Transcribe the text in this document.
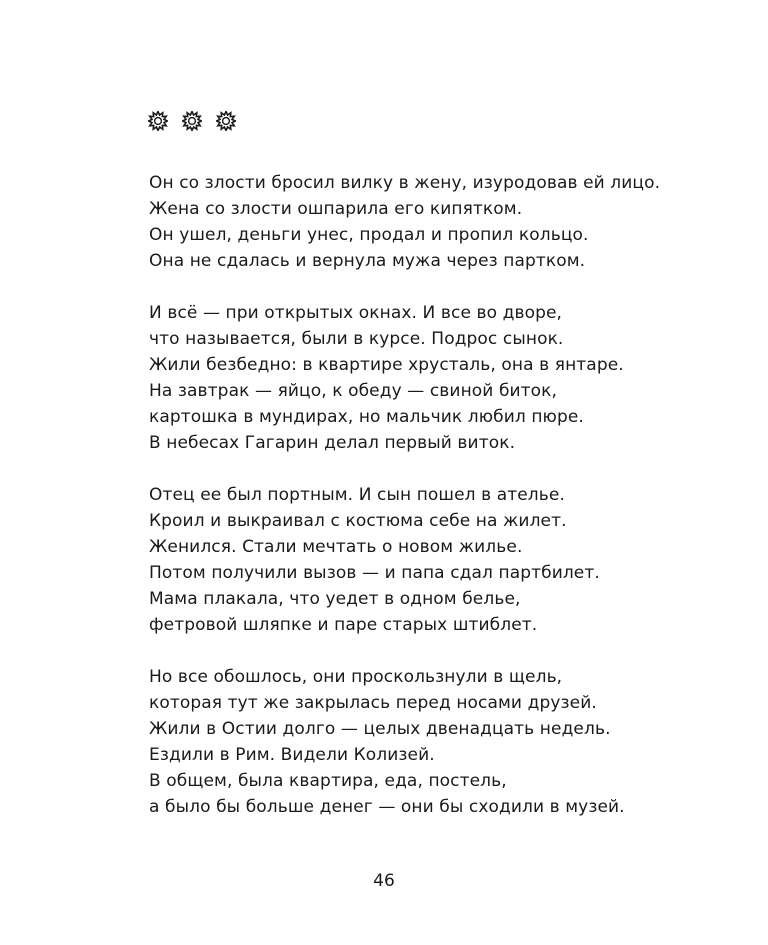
Он со злости бросил вилку в жену, изуродовав ей лицо.
Жена со злости ошпарила его кипятком.
Он ушел, деньги унес, продал и пропил кольцо.
Она не сдалась и вернула мужа через партком.
И всё — при открытых окнах. И все во дворе,
что называется, были в курсе. Подрос сынок.
Жили безбедно: в квартире хрусталь, она в янтаре.
На завтрак — яйцо, к обеду — свиной биток,
картошка в мундирах, но мальчик любил пюре.
В небесах Гагарин делал первый виток.
Отец ее был портным. И сын пошел в ателье.
Кроил и выкраивал с костюма себе на жилет.
Женился. Стали мечтать о новом жилье.
Потом получили вызов — и папа сдал партбилет.
Мама плакала, что уедет в одном белье,
фетровой шляпке и паре старых штиблет.
Но все обошлось, они проскользнули в щель,
которая тут же закрылась перед носами друзей.
Жили в Остии долго — целых двенадцать недель.
Ездили в Рим. Видели Колизей.
В общем, была квартира, еда, постель,
а было бы больше денег — они бы сходили в музей.
46
